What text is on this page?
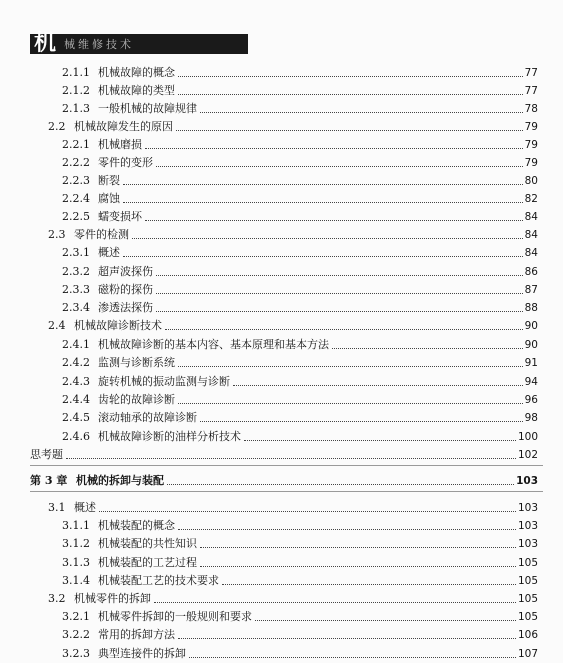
机 械维修技术
2.1.1 机械故障的概念	77
2.1.2 机械故障的类型	77
2.1.3 一般机械的故障规律	78
2.2 机械故障发生的原因	79
2.2.1 机械磨损	79
2.2.2 零件的变形	79
2.2.3 断裂	80
2.2.4 腐蚀	82
2.2.5 蠕变损坏	84
2.3 零件的检测	84
2.3.1 概述	84
2.3.2 超声波探伤	86
2.3.3 磁粉的探伤	87
2.3.4 渗透法探伤	88
2.4 机械故障诊断技术	90
2.4.1 机械故障诊断的基本内容、基本原理和基本方法	90
2.4.2 监测与诊断系统	91
2.4.3 旋转机械的振动监测与诊断	94
2.4.4 齿轮的故障诊断	96
2.4.5 滚动轴承的故障诊断	98
2.4.6 机械故障诊断的油样分析技术	100
思考题	102
第 3 章 机械的拆卸与装配	103
3.1 概述	103
3.1.1 机械装配的概念	103
3.1.2 机械装配的共性知识	103
3.1.3 机械装配的工艺过程	105
3.1.4 机械装配工艺的技术要求	105
3.2 机械零件的拆卸	105
3.2.1 机械零件拆卸的一般规则和要求	105
3.2.2 常用的拆卸方法	106
3.2.3 典型连接件的拆卸	107
